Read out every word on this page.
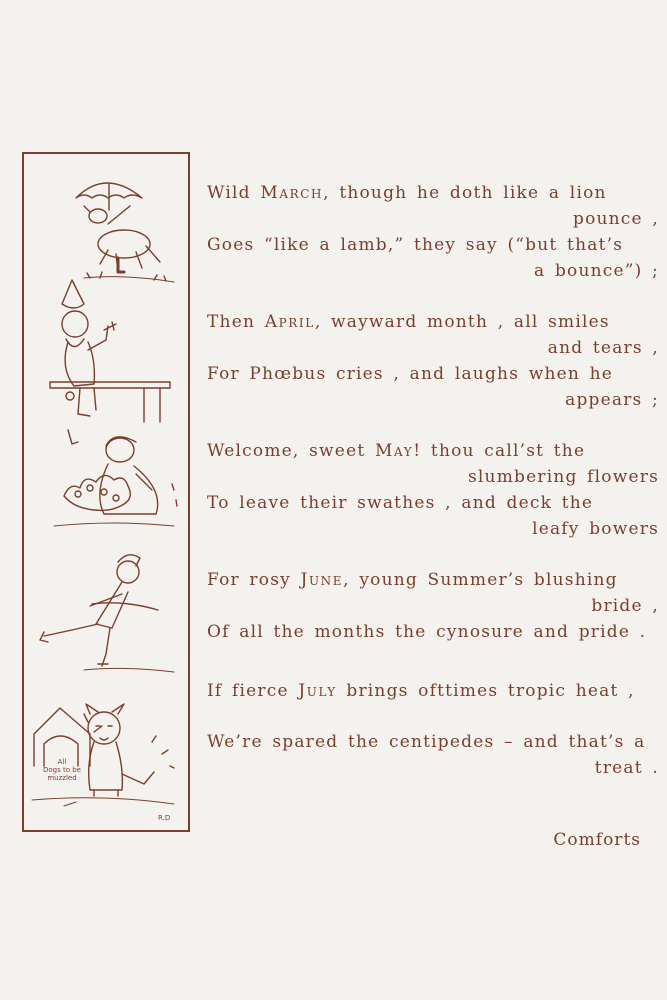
All
Dogs to be
muzzled
R.D
Wild March, though he doth like a lion
pounce ,
Goes “like a lamb,” they say (“but that’s
a bounce”) ;
Then April, wayward month , all smiles
and tears ,
For Phœbus cries , and laughs when he
appears ;
Welcome, sweet May! thou call’st the
slumbering flowers
To leave their swathes , and deck the
leafy bowers
For rosy June, young Summer’s blushing
bride ,
Of all the months the cynosure and pride .
If fierce July brings ofttimes tropic heat ,
We’re spared the centipedes – and that’s a
treat .
Comforts
